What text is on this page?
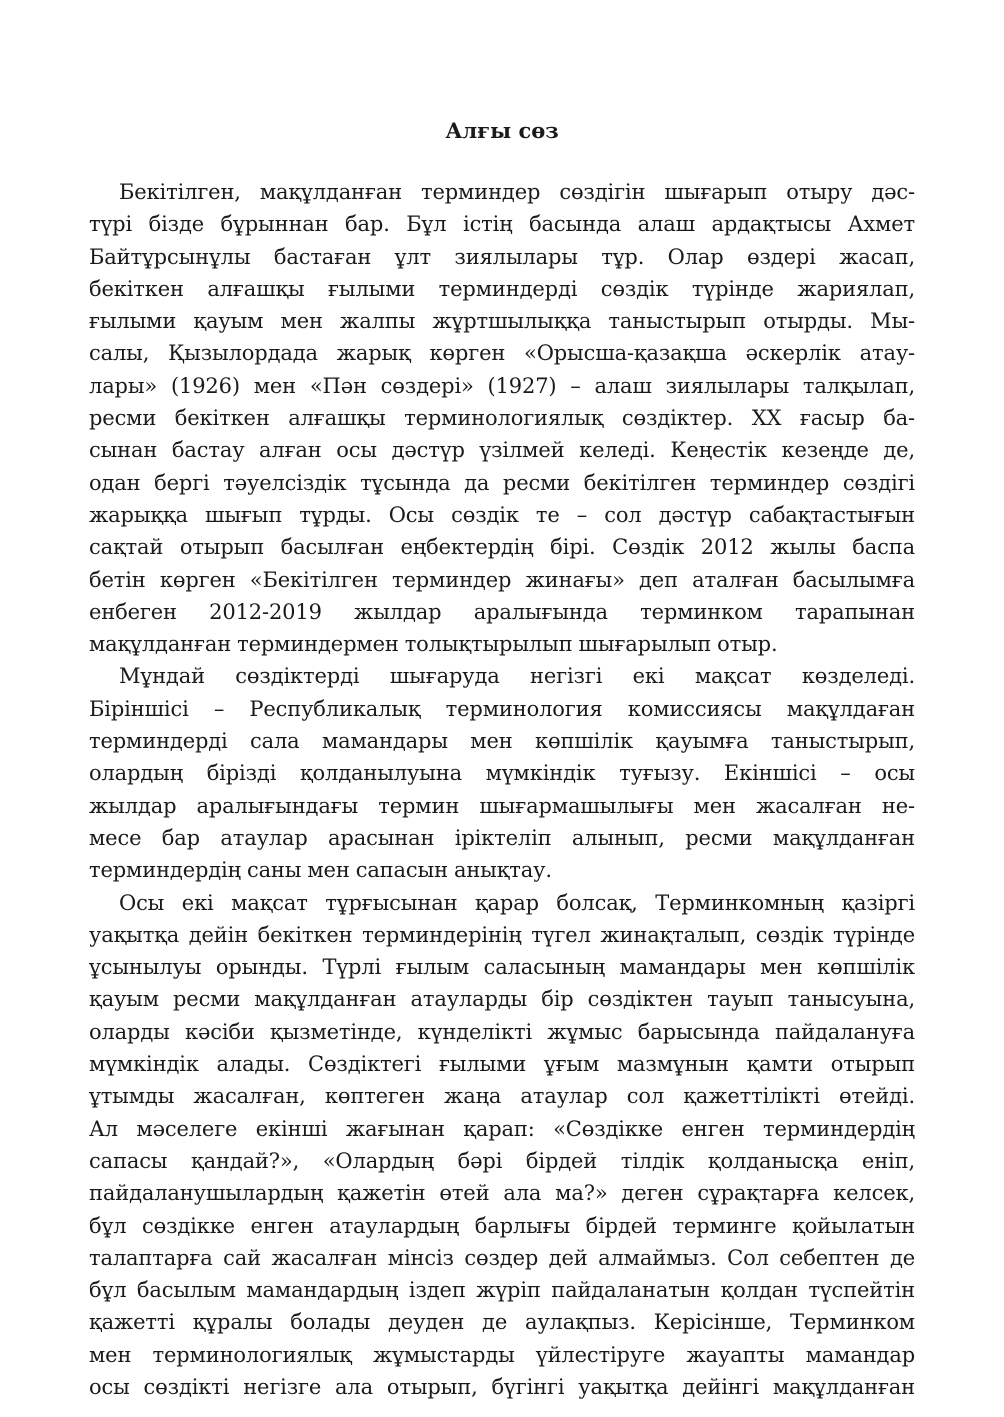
Алғы сөз
Бекітілген, мақұлданған терминдер сөздігін шығарып отыру дәс-
түрі бізде бұрыннан бар. Бұл істің басында алаш ардақтысы Ахмет
Байтұрсынұлы бастаған ұлт зиялылары тұр. Олар өздері жасап,
бекіткен алғашқы ғылыми терминдерді сөздік түрінде жариялап,
ғылыми қауым мен жалпы жұртшылыққа таныстырып отырды. Мы-
салы, Қызылордада жарық көрген «Орысша-қазақша әскерлік атау-
лары» (1926) мен «Пән сөздері» (1927) – алаш зиялылары талқылап,
ресми бекіткен алғашқы терминологиялық сөздіктер. ХХ ғасыр ба-
сынан бастау алған осы дәстүр үзілмей келеді. Кеңестік кезеңде де,
одан бергі тәуелсіздік тұсында да ресми бекітілген терминдер сөздігі
жарыққа шығып тұрды. Осы сөздік те – сол дәстүр сабақтастығын
сақтай отырып басылған еңбектердің бірі. Сөздік 2012 жылы баспа
бетін көрген «Бекітілген терминдер жинағы» деп аталған басылымға
енбеген 2012-2019 жылдар аралығында терминком тарапынан
мақұлданған терминдермен толықтырылып шығарылып отыр.
Мұндай сөздіктерді шығаруда негізгі екі мақсат көзделеді.
Біріншісі – Республикалық терминология комиссиясы мақұлдаған
терминдерді сала мамандары мен көпшілік қауымға таныстырып,
олардың бірізді қолданылуына мүмкіндік туғызу. Екіншісі – осы
жылдар аралығындағы термин шығармашылығы мен жасалған не-
месе бар атаулар арасынан іріктеліп алынып, ресми мақұлданған
терминдердің саны мен сапасын анықтау.
Осы екі мақсат тұрғысынан қарар болсақ, Терминкомның қазіргі
уақытқа дейін бекіткен терминдерінің түгел жинақталып, сөздік түрінде
ұсынылуы орынды. Түрлі ғылым саласының мамандары мен көпшілік
қауым ресми мақұлданған атауларды бір сөздіктен тауып танысуына,
оларды кәсіби қызметінде, күнделікті жұмыс барысында пайдалануға
мүмкіндік алады. Сөздіктегі ғылыми ұғым мазмұнын қамти отырып
ұтымды жасалған, көптеген жаңа атаулар сол қажеттілікті өтейді.
Ал мәселеге екінші жағынан қарап: «Сөздікке енген терминдердің
сапасы қандай?», «Олардың бәрі бірдей тілдік қолданысқа еніп,
пайдаланушылардың қажетін өтей ала ма?» деген сұрақтарға келсек,
бұл сөздікке енген атаулардың барлығы бірдей терминге қойылатын
талаптарға сай жасалған мінсіз сөздер дей алмаймыз. Сол себептен де
бұл басылым мамандардың іздеп жүріп пайдаланатын қолдан түспейтін
қажетті құралы болады деуден де аулақпыз. Керісінше, Терминком
мен терминологиялық жұмыстарды үйлестіруге жауапты мамандар
осы сөздікті негізге ала отырып, бүгінгі уақытқа дейінгі мақұлданған
